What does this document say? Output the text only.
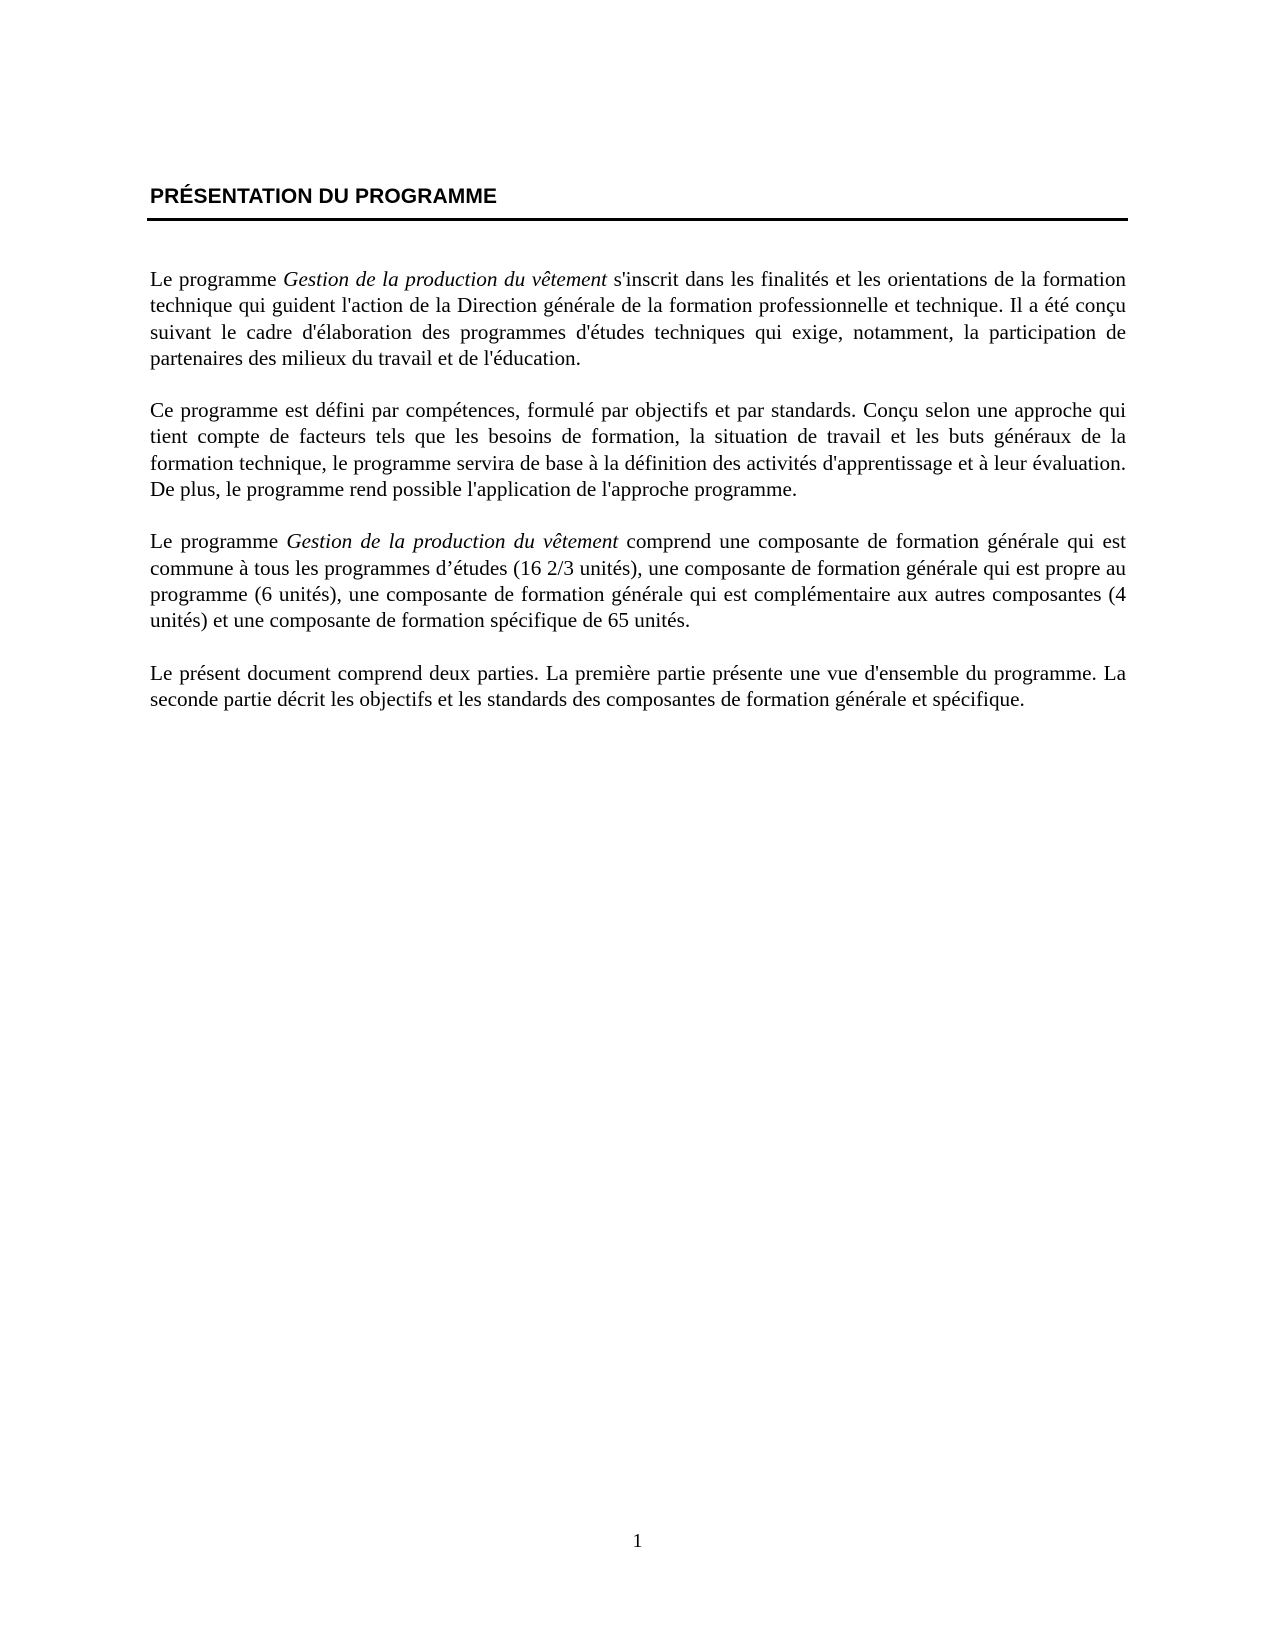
PRÉSENTATION DU PROGRAMME

Le programme Gestion de la production du vêtement s'inscrit dans les finalités et les orientations de la formation technique qui guident l'action de la Direction générale de la formation professionnelle et technique. Il a été conçu suivant le cadre d'élaboration des programmes d'études techniques qui exige, notamment, la participation de partenaires des milieux du travail et de l'éducation.

Ce programme est défini par compétences, formulé par objectifs et par standards. Conçu selon une approche qui tient compte de facteurs tels que les besoins de formation, la situation de travail et les buts généraux de la formation technique, le programme servira de base à la définition des activités d'apprentissage et à leur évaluation. De plus, le programme rend possible l'application de l'approche programme.

Le programme Gestion de la production du vêtement comprend une composante de formation générale qui est commune à tous les programmes d’études (16 2/3 unités), une composante de formation générale qui est propre au programme (6 unités), une composante de formation générale qui est complémentaire aux autres composantes (4 unités) et une composante de formation spécifique de 65 unités.

Le présent document comprend deux parties. La première partie présente une vue d'ensemble du programme. La seconde partie décrit les objectifs et les standards des composantes de formation générale et spécifique.

1
